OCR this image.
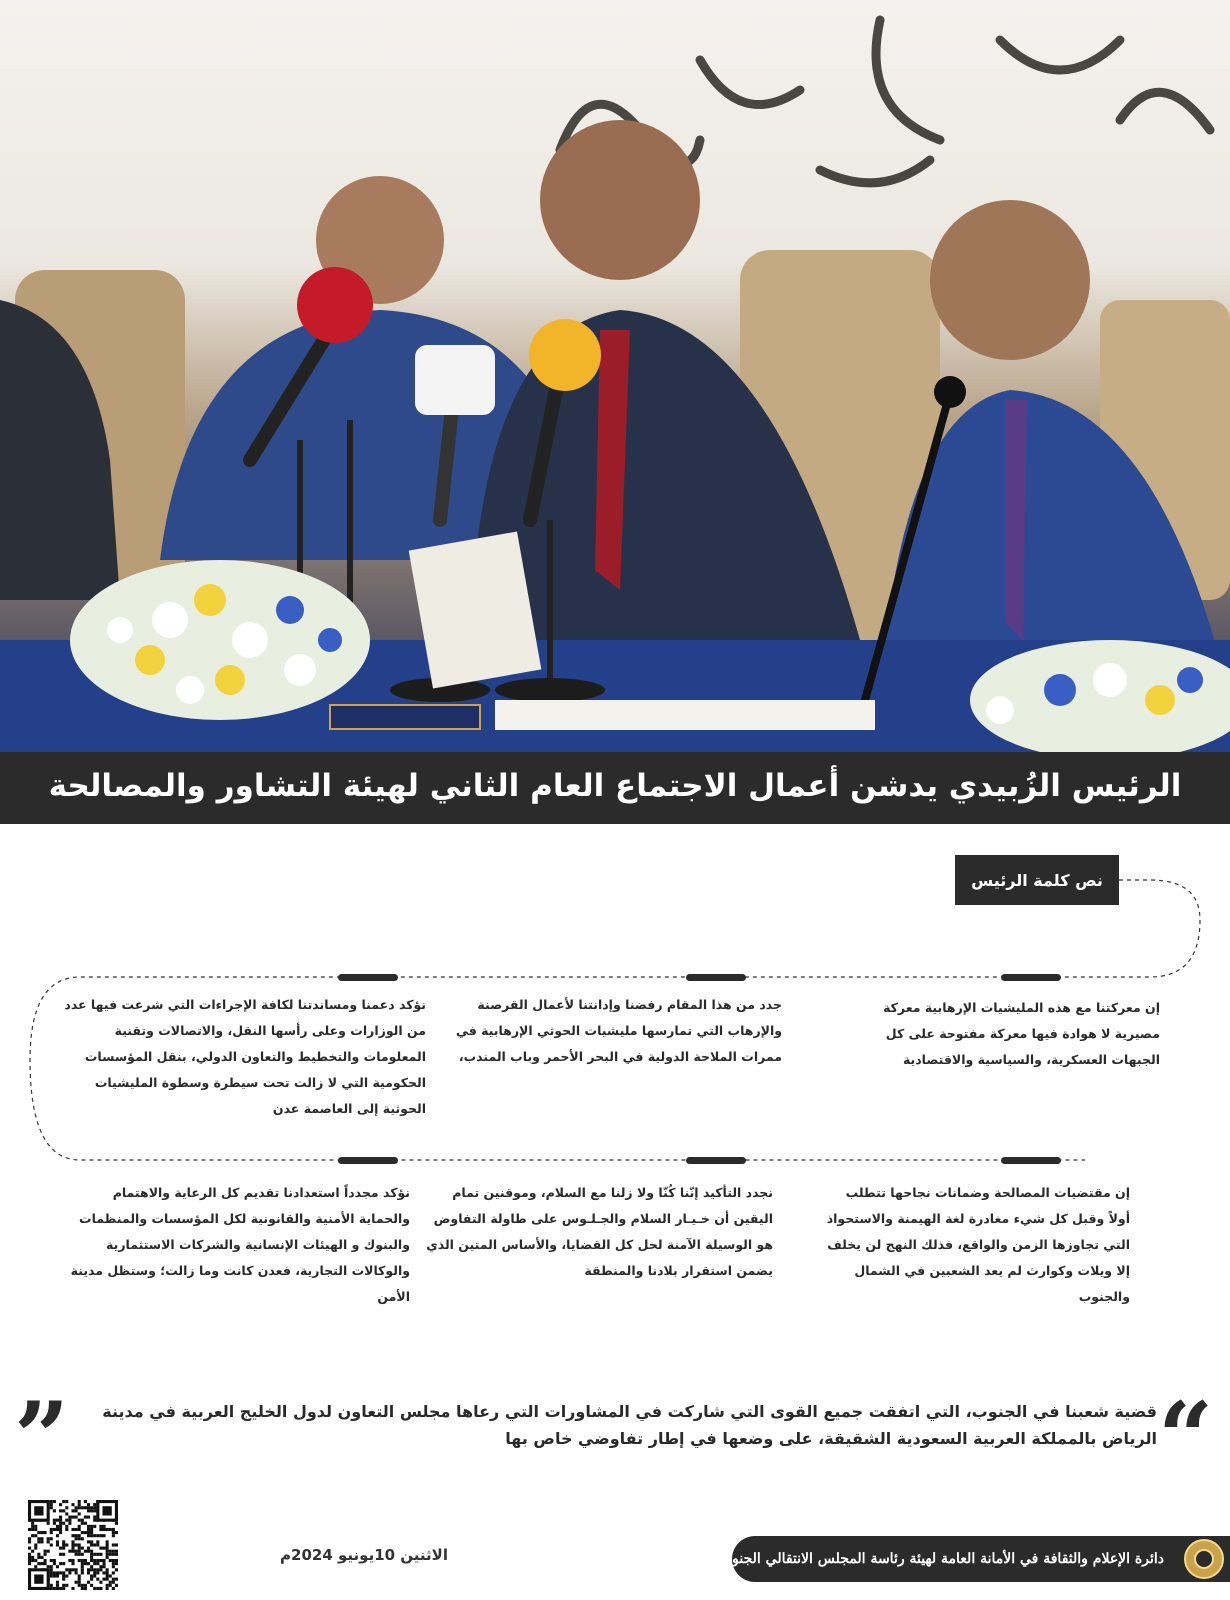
الرئيس الزُبيدي يدشن أعمال الاجتماع العام الثاني لهيئة التشاور والمصالحة
نص كلمة الرئيس

إن معركتنا مع هذه المليشيات الإرهابية معركة مصيرية لا هوادة فيها معركة مفتوحة على كل الجبهات العسكرية، والسياسية والاقتصادية

جدد من هذا المقام رفضنا وإدانتنا لأعمال القرصنة والإرهاب التي تمارسها مليشيات الحوثي الإرهابية في ممرات الملاحة الدولية في البحر الأحمر وباب المندب،

نؤكد دعمنا ومساندتنا لكافة الإجراءات التي شرعت فيها عدد من الوزارات وعلى رأسها النقل، والاتصالات وتقنية المعلومات والتخطيط والتعاون الدولي، بنقل المؤسسات الحكومية التي لا زالت تحت سيطرة وسطوة المليشيات الحوثية إلى العاصمة عدن

إن مقتضيات المصالحة وضمانات نجاحها تتطلب أولاً وقبل كل شيء مغادرة لغة الهيمنة والاستحواذ التي تجاوزها الزمن والواقع، فذلك النهج لن يخلف إلا ويلات وكوارث لم يعد الشعبين في الشمال والجنوب

نجدد التأكيد إنّنا كُنّا ولا زلنا مع السلام، وموقنين تمام اليقين أن خـيـار السلام والجـلـوس على طاولة التفاوض هو الوسيلة الآمنة لحل كل القضايا، والأساس المتين الذي يضمن استقرار بلادنا والمنطقة

نؤكد مجدداً استعدادنا تقديم كل الرعاية والاهتمام والحماية الأمنية والقانونية لكل المؤسسات والمنظمات والبنوك و الهيئات الإنسانية والشركات الاستثمارية والوكالات التجارية، فعدن كانت وما زالت؛ وستظل مدينة الأمن

“
”	قضية شعبنا في الجنوب، التي اتفقت جميع القوى التي شاركت في المشاورات التي رعاها مجلس التعاون لدول الخليج العربية في مدينة الرياض بالمملكة العربية السعودية الشقيقة، على وضعها في إطار تفاوضي خاص بها

الاثنين 10يونيو 2024م	دائرة الإعلام والثقافة في الأمانة العامة لهيئة رئاسة المجلس الانتقالي الجنوبي
